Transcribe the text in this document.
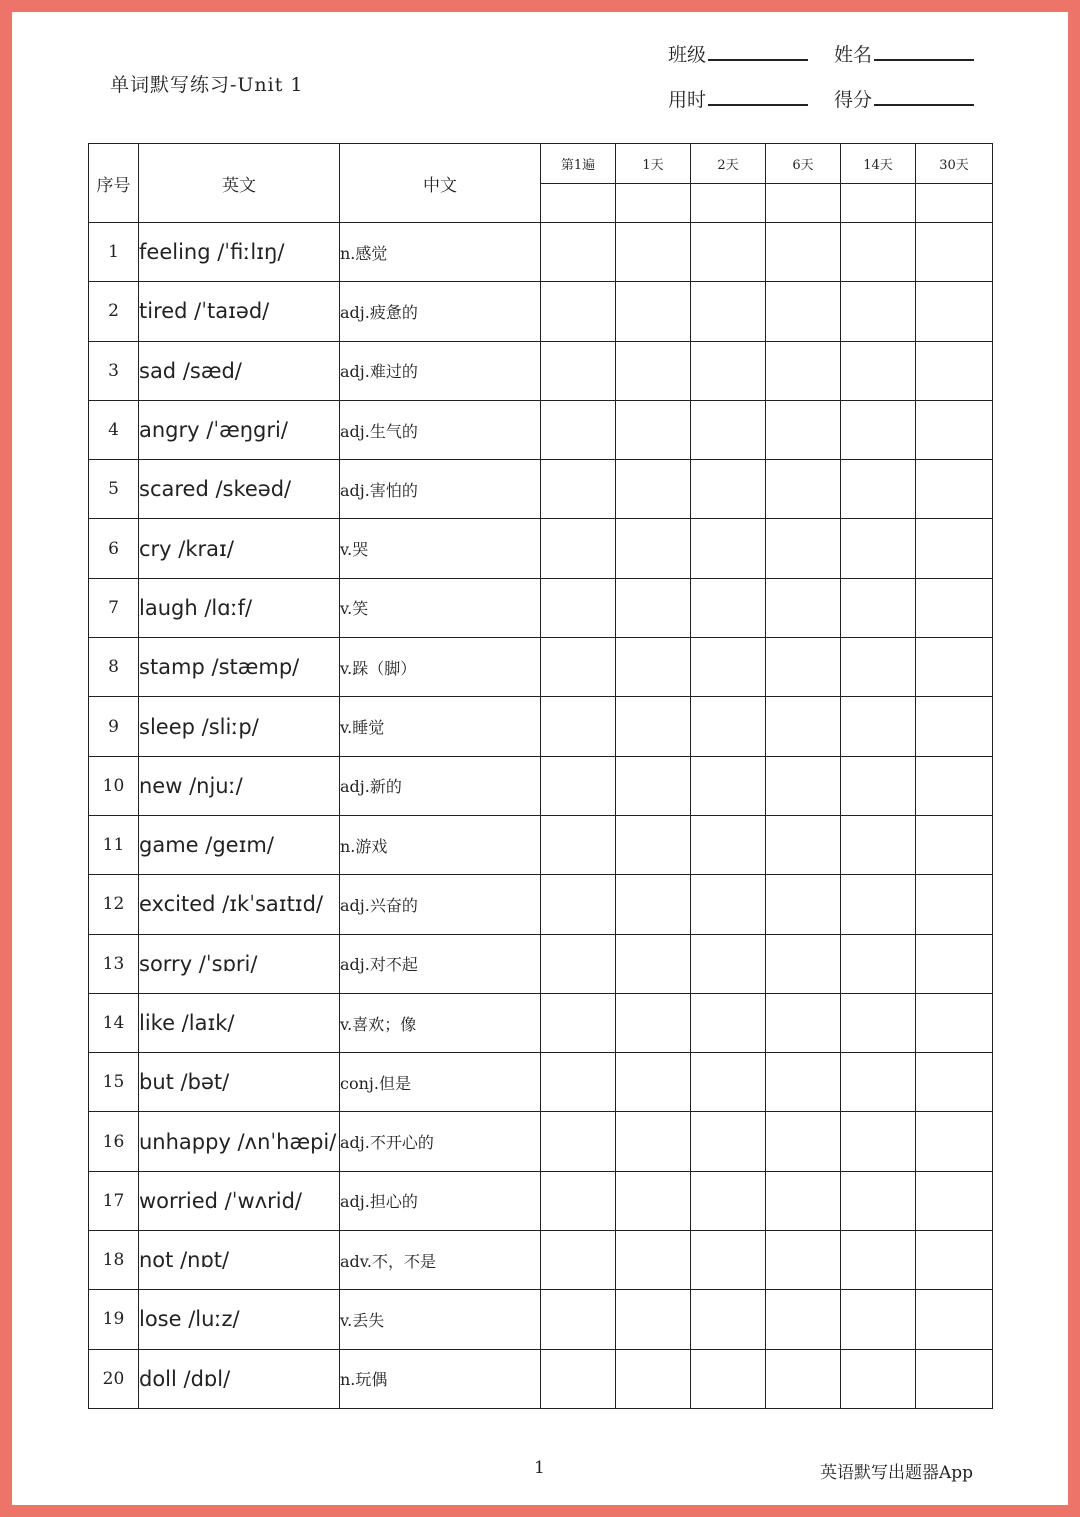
单词默写练习-Unit 1
班级	姓名
用时	得分
序号	英文	中文	第1遍	1天	2天	6天	14天	30天

1	feeling /ˈfiːlɪŋ/	n.感觉						
2	tired /ˈtaɪəd/	adj.疲惫的						
3	sad /sæd/	adj.难过的						
4	angry /ˈæŋgri/	adj.生气的						
5	scared /skeəd/	adj.害怕的						
6	cry /kraɪ/	v.哭						
7	laugh /lɑːf/	v.笑						
8	stamp /stæmp/	v.跺（脚）						
9	sleep /sliːp/	v.睡觉						
10	new /njuː/	adj.新的						
11	game /geɪm/	n.游戏						
12	excited /ɪkˈsaɪtɪd/	adj.兴奋的						
13	sorry /ˈsɒri/	adj.对不起						
14	like /laɪk/	v.喜欢；像						
15	but /bət/	conj.但是						
16	unhappy /ʌnˈhæpi/	adj.不开心的						
17	worried /ˈwʌrid/	adj.担心的						
18	not /nɒt/	adv.不，不是						
19	lose /luːz/	v.丢失						
20	doll /dɒl/	n.玩偶						
1	英语默写出题器App
